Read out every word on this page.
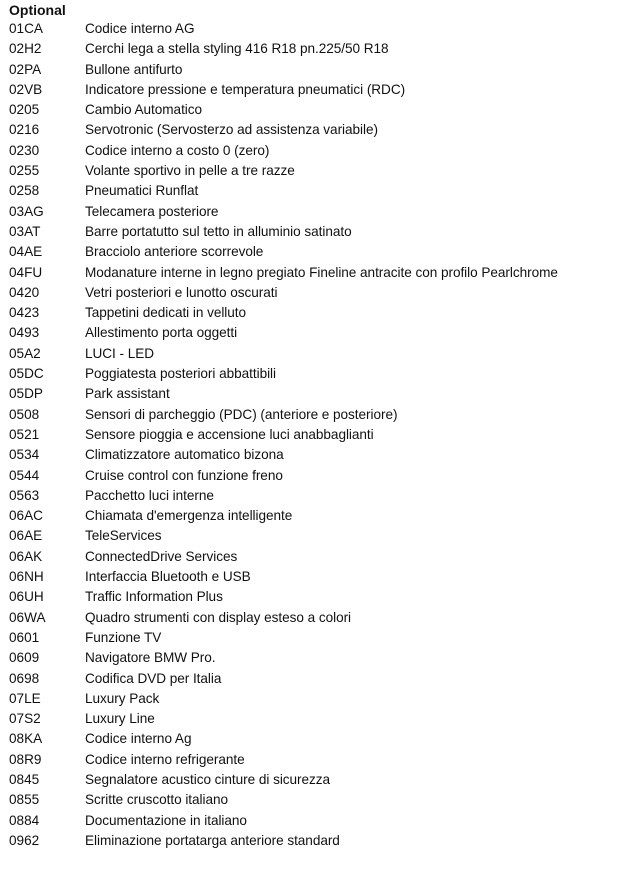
Optional
01CA	Codice interno AG
02H2	Cerchi lega a stella styling 416 R18 pn.225/50 R18
02PA	Bullone antifurto
02VB	Indicatore pressione e temperatura pneumatici (RDC)
0205	Cambio Automatico
0216	Servotronic (Servosterzo ad assistenza variabile)
0230	Codice interno a costo 0 (zero)
0255	Volante sportivo in pelle a tre razze
0258	Pneumatici Runflat
03AG	Telecamera posteriore
03AT	Barre portatutto sul tetto in alluminio satinato
04AE	Bracciolo anteriore scorrevole
04FU	Modanature interne in legno pregiato Fineline antracite con profilo Pearlchrome
0420	Vetri posteriori e lunotto oscurati
0423	Tappetini dedicati in velluto
0493	Allestimento porta oggetti
05A2	LUCI - LED
05DC	Poggiatesta posteriori abbattibili
05DP	Park assistant
0508	Sensori di parcheggio (PDC) (anteriore e posteriore)
0521	Sensore pioggia e accensione luci anabbaglianti
0534	Climatizzatore automatico bizona
0544	Cruise control con funzione freno
0563	Pacchetto luci interne
06AC	Chiamata d'emergenza intelligente
06AE	TeleServices
06AK	ConnectedDrive Services
06NH	Interfaccia Bluetooth e USB
06UH	Traffic Information Plus
06WA	Quadro strumenti con display esteso a colori
0601	Funzione TV
0609	Navigatore BMW Pro.
0698	Codifica DVD per Italia
07LE	Luxury Pack
07S2	Luxury Line
08KA	Codice interno Ag
08R9	Codice interno refrigerante
0845	Segnalatore acustico cinture di sicurezza
0855	Scritte cruscotto italiano
0884	Documentazione in italiano
0962	Eliminazione portatarga anteriore standard
